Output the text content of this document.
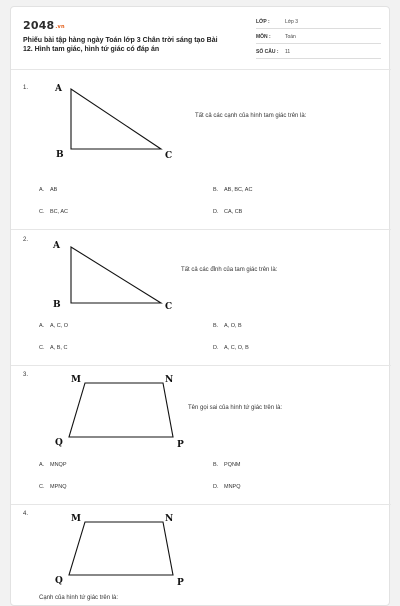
2048.vn
Phiếu bài tập hàng ngày Toán lớp 3 Chân trời sáng tạo Bài 12. Hình tam giác, hình tứ giác có đáp án
LỚP :	Lớp 3
MÔN :	Toán
SỐ CÂU : 11
1.	A
B	C
Tất cả các cạnh của hình tam giác trên là:
A. AB	B. AB, BC, AC
C. BC, AC	D. CA, CB
2.
A
B	C
Tất cả các đỉnh của tam giác trên là:
A. A, C, O	B. A, O, B
C. A, B, C	D. A, C, O, B
3.	M	N
Q	P
Tên gọi sai của hình tứ giác trên là:
A. MNQP	B. PQNM
C. MPNQ	D. MNPQ
4.	M	N
Q	P
Cạnh của hình tứ giác trên là:
